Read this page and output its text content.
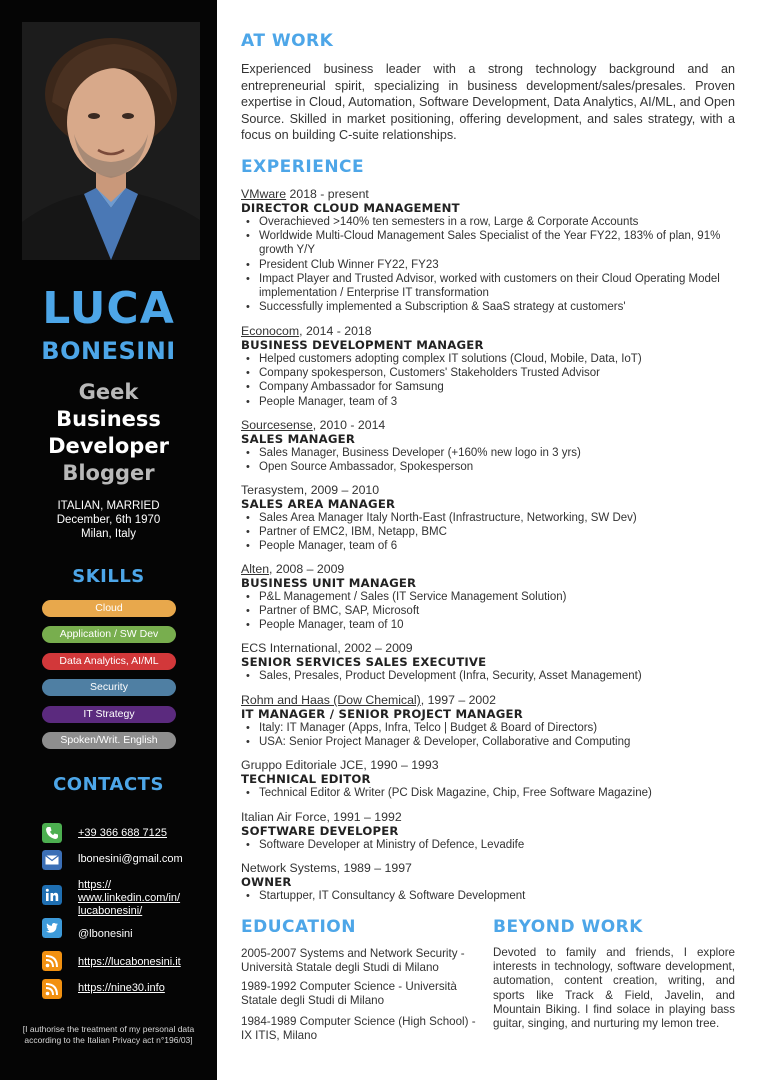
LUCA
BONESINI
Geek
Business
Developer
Blogger
ITALIAN, MARRIED
December, 6th 1970
Milan, Italy
SKILLS
Cloud
Application / SW Dev
Data Analytics, AI/ML
Security
IT Strategy
Spoken/Writ. English
CONTACTS
+39 366 688 7125
lbonesini@gmail.com
https://
www.linkedin.com/in/
lucabonesini/
@lbonesini
https://lucabonesini.it
https://nine30.info
[I authorise the treatment of my personal data according to the Italian Privacy act n°196/03]
AT WORK
Experienced business leader with a strong technology background and an entrepreneurial spirit, specializing in business development/sales/presales. Proven expertise in Cloud, Automation, Software Development, Data Analytics, AI/ML, and Open Source. Skilled in market positioning, offering development, and sales strategy, with a focus on building C-suite relationships.
EXPERIENCE
VMware 2018 - present
DIRECTOR CLOUD MANAGEMENT
• Overachieved >140% ten semesters in a row, Large & Corporate Accounts
• Worldwide Multi-Cloud Management Sales Specialist of the Year FY22, 183% of plan, 91% growth Y/Y
• President Club Winner FY22, FY23
• Impact Player and Trusted Advisor, worked with customers on their Cloud Operating Model implementation / Enterprise IT transformation
• Successfully implemented a Subscription & SaaS strategy at customers'
Econocom, 2014 - 2018
BUSINESS DEVELOPMENT MANAGER
• Helped customers adopting complex IT solutions (Cloud, Mobile, Data, IoT)
• Company spokesperson, Customers' Stakeholders Trusted Advisor
• Company Ambassador for Samsung
• People Manager, team of 3
Sourcesense, 2010 - 2014
SALES MANAGER
• Sales Manager, Business Developer (+160% new logo in 3 yrs)
• Open Source Ambassador, Spokesperson
Terasystem, 2009 – 2010
SALES AREA MANAGER
• Sales Area Manager Italy North-East (Infrastructure, Networking, SW Dev)
• Partner of EMC2, IBM, Netapp, BMC
• People Manager, team of 6
Alten, 2008 – 2009
BUSINESS UNIT MANAGER
• P&L Management / Sales (IT Service Management Solution)
• Partner of BMC, SAP, Microsoft
• People Manager, team of 10
ECS International, 2002 – 2009
SENIOR SERVICES SALES EXECUTIVE
• Sales, Presales, Product Development (Infra, Security, Asset Management)
Rohm and Haas (Dow Chemical), 1997 – 2002
IT MANAGER / SENIOR PROJECT MANAGER
• Italy: IT Manager (Apps, Infra, Telco | Budget & Board of Directors)
• USA: Senior Project Manager & Developer, Collaborative and Computing
Gruppo Editoriale JCE, 1990 – 1993
TECHNICAL EDITOR
• Technical Editor & Writer (PC Disk Magazine, Chip, Free Software Magazine)
Italian Air Force, 1991 – 1992
SOFTWARE DEVELOPER
• Software Developer at Ministry of Defence, Levadife
Network Systems, 1989 – 1997
OWNER
• Startupper, IT Consultancy & Software Development
EDUCATION
2005-2007 Systems and Network Security - Università Statale degli Studi di Milano
1989-1992 Computer Science - Università Statale degli Studi di Milano
1984-1989 Computer Science (High School) - IX ITIS, Milano
BEYOND WORK
Devoted to family and friends, I explore interests in technology, software development, automation, content creation, writing, and sports like Track & Field, Javelin, and Mountain Biking. I find solace in playing bass guitar, singing, and nurturing my lemon tree.
